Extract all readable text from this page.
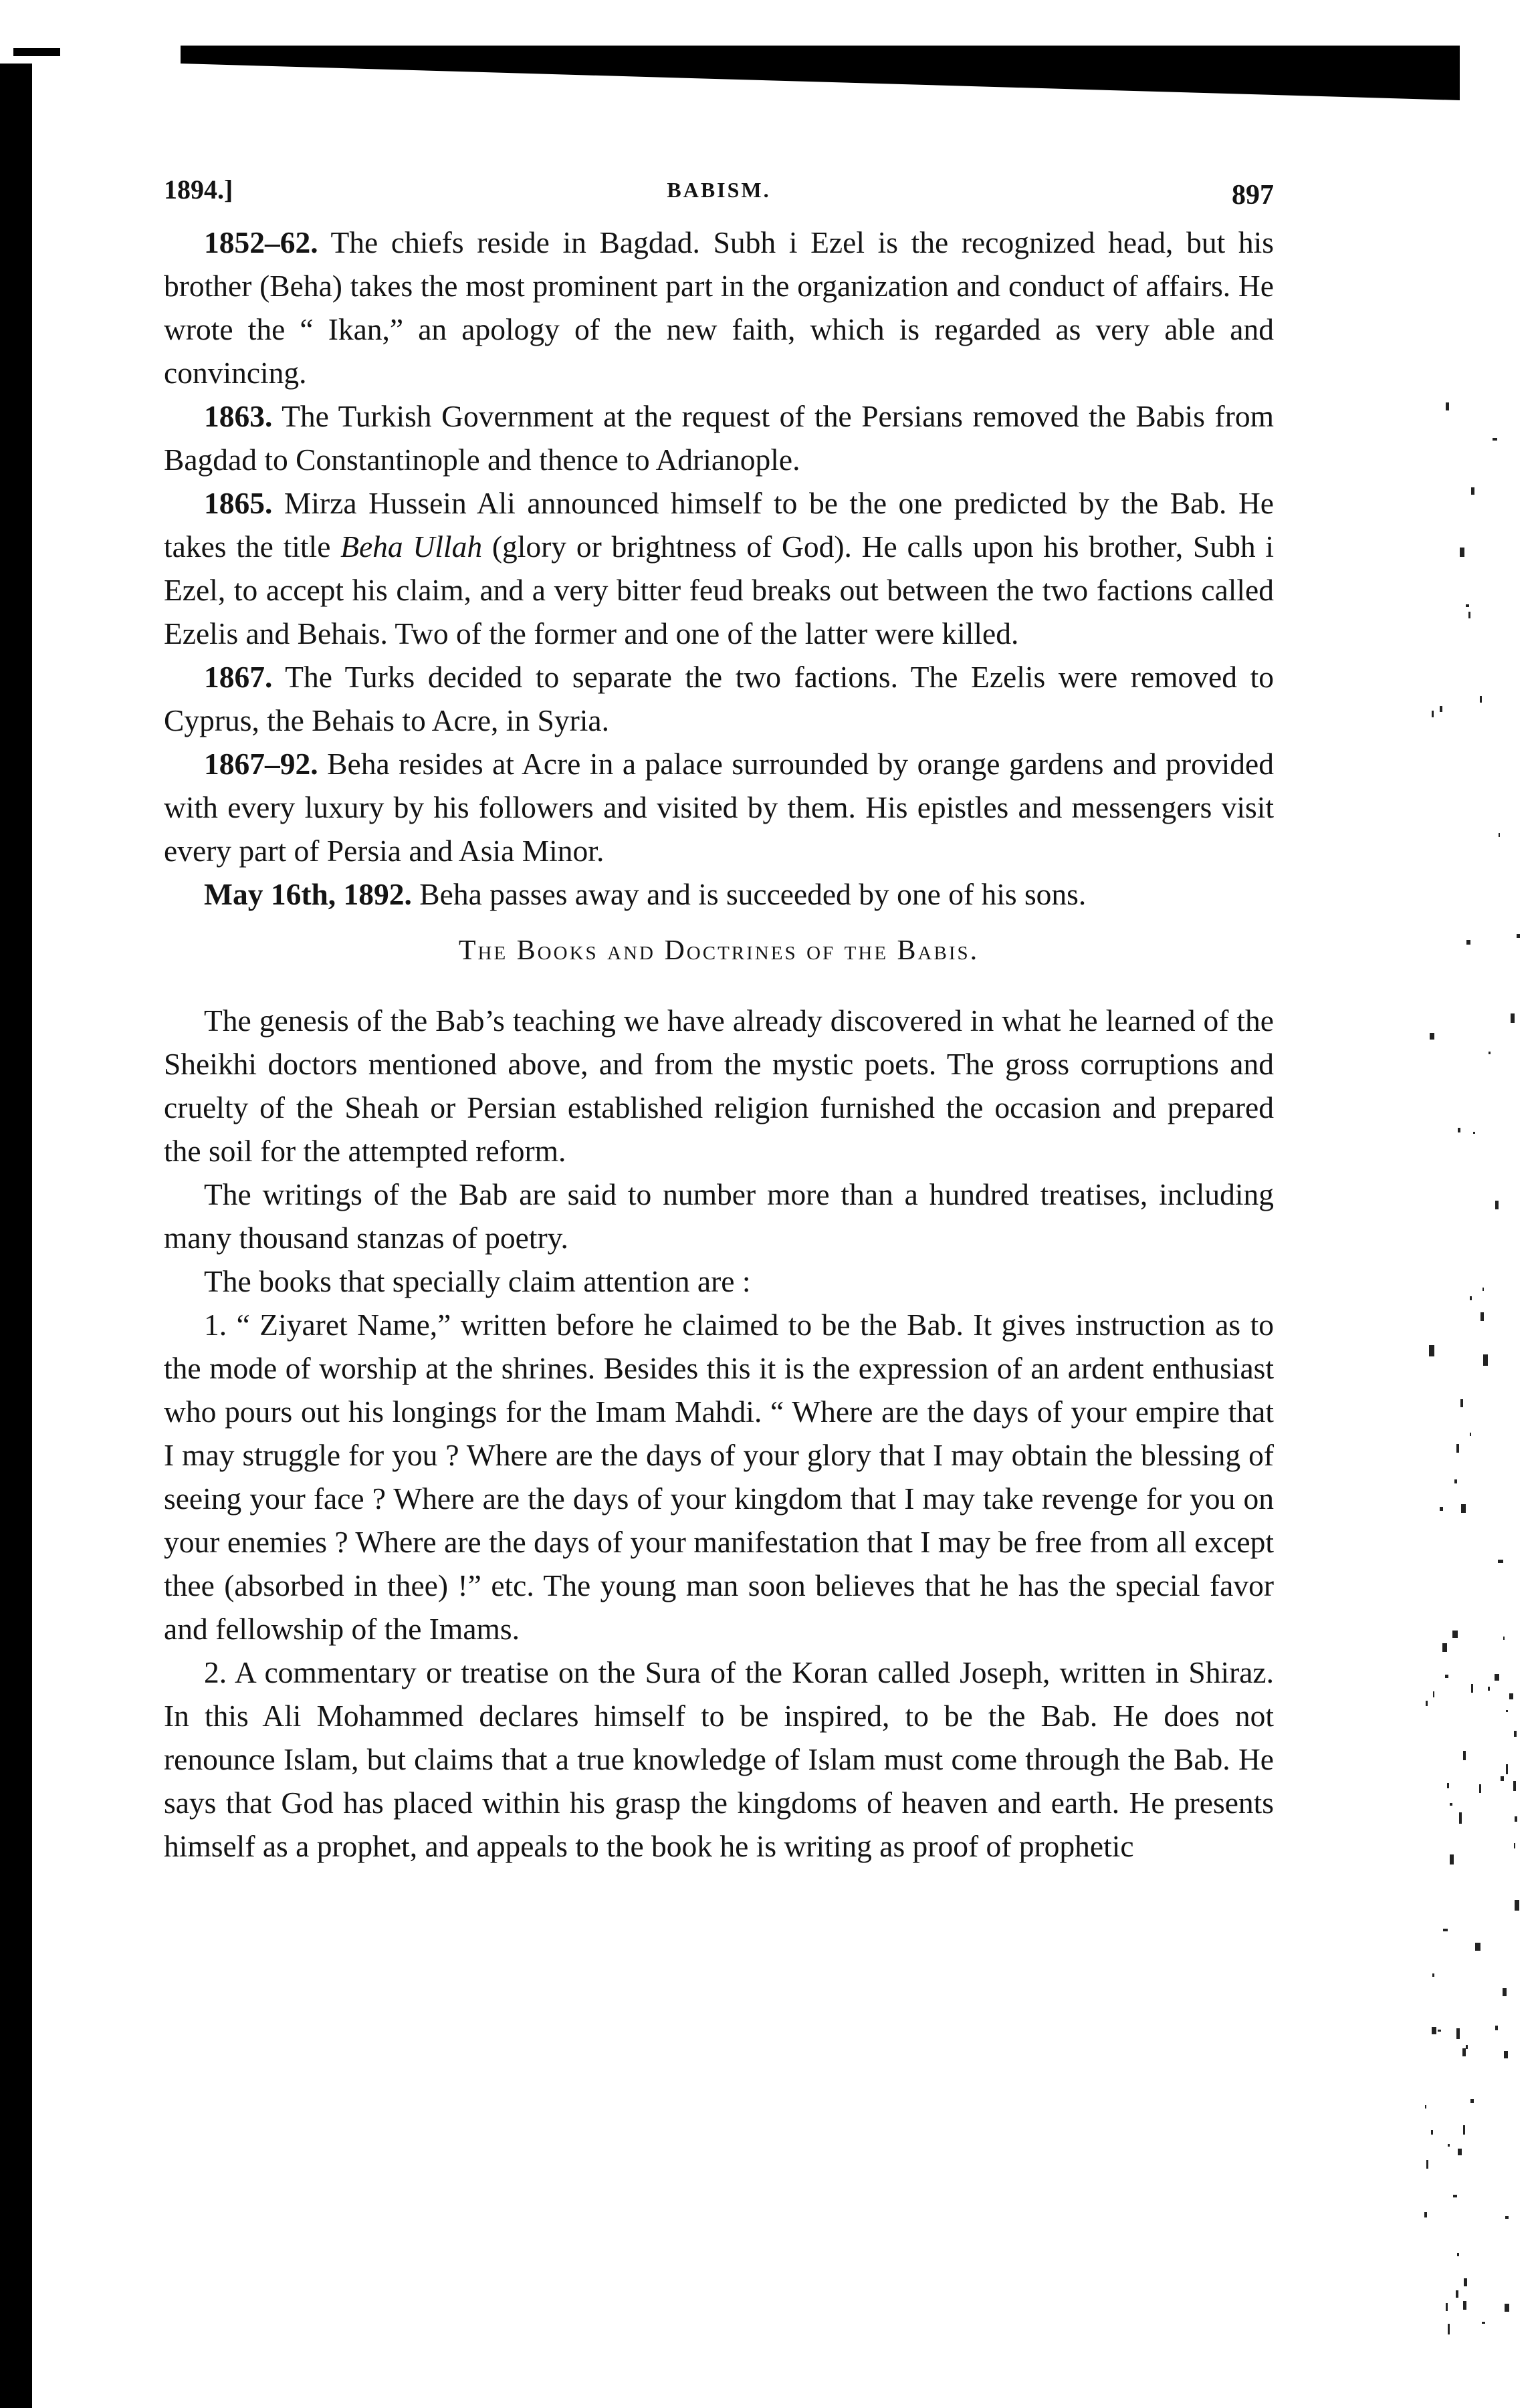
1894.]	BABISM.	897

1852–62. The chiefs reside in Bagdad. Subh i Ezel is the recognized head, but his brother (Beha) takes the most prominent part in the organization and conduct of affairs. He wrote the “ Ikan,” an apology of the new faith, which is regarded as very able and convincing.

1863. The Turkish Government at the request of the Persians removed the Babis from Bagdad to Constantinople and thence to Adrianople.

1865. Mirza Hussein Ali announced himself to be the one predicted by the Bab. He takes the title Beha Ullah (glory or brightness of God). He calls upon his brother, Subh i Ezel, to accept his claim, and a very bitter feud breaks out between the two factions called Ezelis and Behais. Two of the former and one of the latter were killed.

1867. The Turks decided to separate the two factions. The Ezelis were removed to Cyprus, the Behais to Acre, in Syria.

1867–92. Beha resides at Acre in a palace surrounded by orange gardens and provided with every luxury by his followers and visited by them. His epistles and messengers visit every part of Persia and Asia Minor.

May 16th, 1892. Beha passes away and is succeeded by one of his sons.

The Books and Doctrines of the Babis.

The genesis of the Bab’s teaching we have already discovered in what he learned of the Sheikhi doctors mentioned above, and from the mystic poets. The gross corruptions and cruelty of the Sheah or Persian established religion furnished the occasion and prepared the soil for the attempted reform.

The writings of the Bab are said to number more than a hundred treatises, including many thousand stanzas of poetry.

The books that specially claim attention are :

1. “ Ziyaret Name,” written before he claimed to be the Bab. It gives instruction as to the mode of worship at the shrines. Besides this it is the expression of an ardent enthusiast who pours out his longings for the Imam Mahdi. “ Where are the days of your empire that I may struggle for you ? Where are the days of your glory that I may obtain the blessing of seeing your face ? Where are the days of your kingdom that I may take revenge for you on your enemies ? Where are the days of your manifestation that I may be free from all except thee (absorbed in thee) !” etc. The young man soon believes that he has the special favor and fellowship of the Imams.

2. A commentary or treatise on the Sura of the Koran called Joseph, written in Shiraz. In this Ali Mohammed declares himself to be inspired, to be the Bab. He does not renounce Islam, but claims that a true knowledge of Islam must come through the Bab. He says that God has placed within his grasp the kingdoms of heaven and earth. He presents himself as a prophet, and appeals to the book he is writing as proof of prophetic
